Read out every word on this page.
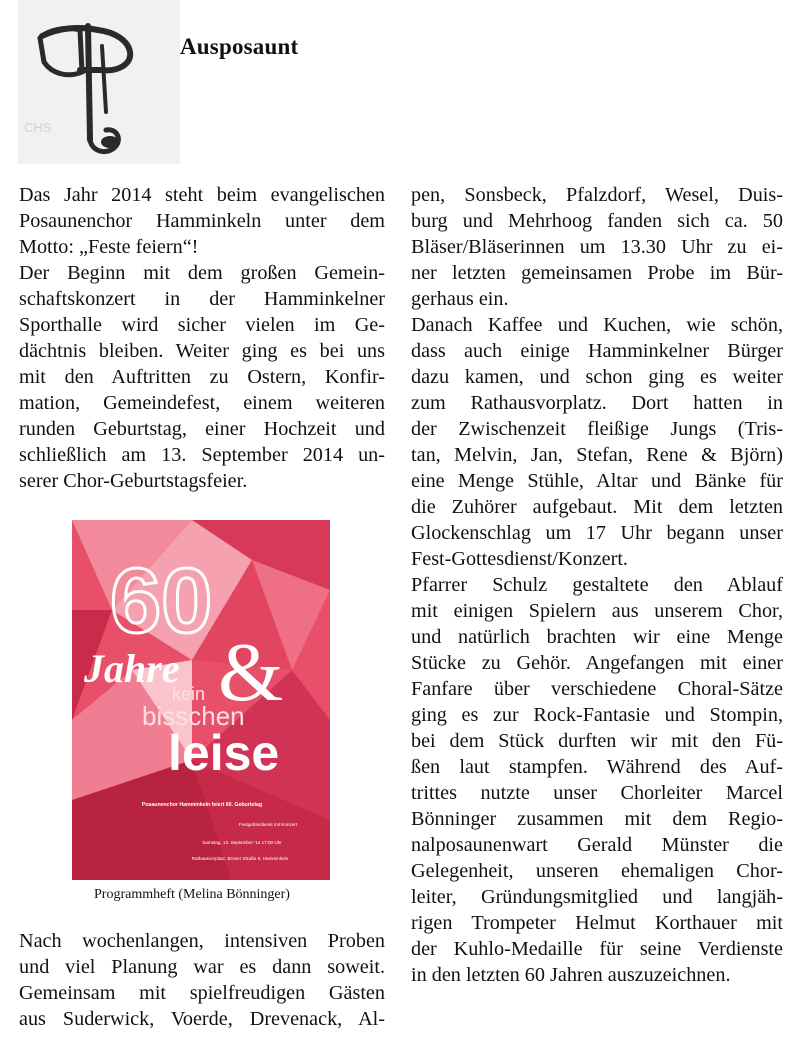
CHS
Ausposaunt

Das Jahr 2014 steht beim evangelischen

Posaunenchor Hamminkeln unter dem

Motto: „Feste feiern“!

Der Beginn mit dem großen Gemein-

schaftskonzert in der Hamminkelner

Sporthalle wird sicher vielen im Ge-

dächtnis bleiben. Weiter ging es bei uns

mit den Auftritten zu Ostern, Konfir-

mation, Gemeindefest, einem weiteren

runden Geburtstag, einer Hochzeit und

schließlich am 13. September 2014 un-

serer Chor-Geburtstagsfeier.

60
Jahre &
kein
bisschen
leise
Posaunenchor Hamminkeln feiert 60. Geburtstag
Festgottesdienst mit Konzert
Samstag, 13. September '14 17:00 Uhr
Rathausvorplatz, Brüner Straße 9, Hamminkeln
Programmheft (Melina Bönninger)

Nach wochenlangen, intensiven Proben

und viel Planung war es dann soweit.

Gemeinsam mit spielfreudigen Gästen

aus Suderwick, Voerde, Drevenack, Al-

pen, Sonsbeck, Pfalzdorf, Wesel, Duis-

burg und Mehrhoog fanden sich ca. 50

Bläser/Bläserinnen um 13.30 Uhr zu ei-

ner letzten gemeinsamen Probe im Bür-

gerhaus ein.

Danach Kaffee und Kuchen, wie schön,

dass auch einige Hamminkelner Bürger

dazu kamen, und schon ging es weiter

zum Rathausvorplatz. Dort hatten in

der Zwischenzeit fleißige Jungs (Tris-

tan, Melvin, Jan, Stefan, Rene & Björn)

eine Menge Stühle, Altar und Bänke für

die Zuhörer aufgebaut. Mit dem letzten

Glockenschlag um 17 Uhr begann unser

Fest-Gottesdienst/Konzert.

Pfarrer Schulz gestaltete den Ablauf

mit einigen Spielern aus unserem Chor,

und natürlich brachten wir eine Menge

Stücke zu Gehör. Angefangen mit einer

Fanfare über verschiedene Choral-Sätze

ging es zur Rock-Fantasie und Stompin,

bei dem Stück durften wir mit den Fü-

ßen laut stampfen. Während des Auf-

trittes nutzte unser Chorleiter Marcel

Bönninger zusammen mit dem Regio-

nalposaunenwart Gerald Münster die

Gelegenheit, unseren ehemaligen Chor-

leiter, Gründungsmitglied und langjäh-

rigen Trompeter Helmut Korthauer mit

der Kuhlo-Medaille für seine Verdienste

in den letzten 60 Jahren auszuzeichnen.
